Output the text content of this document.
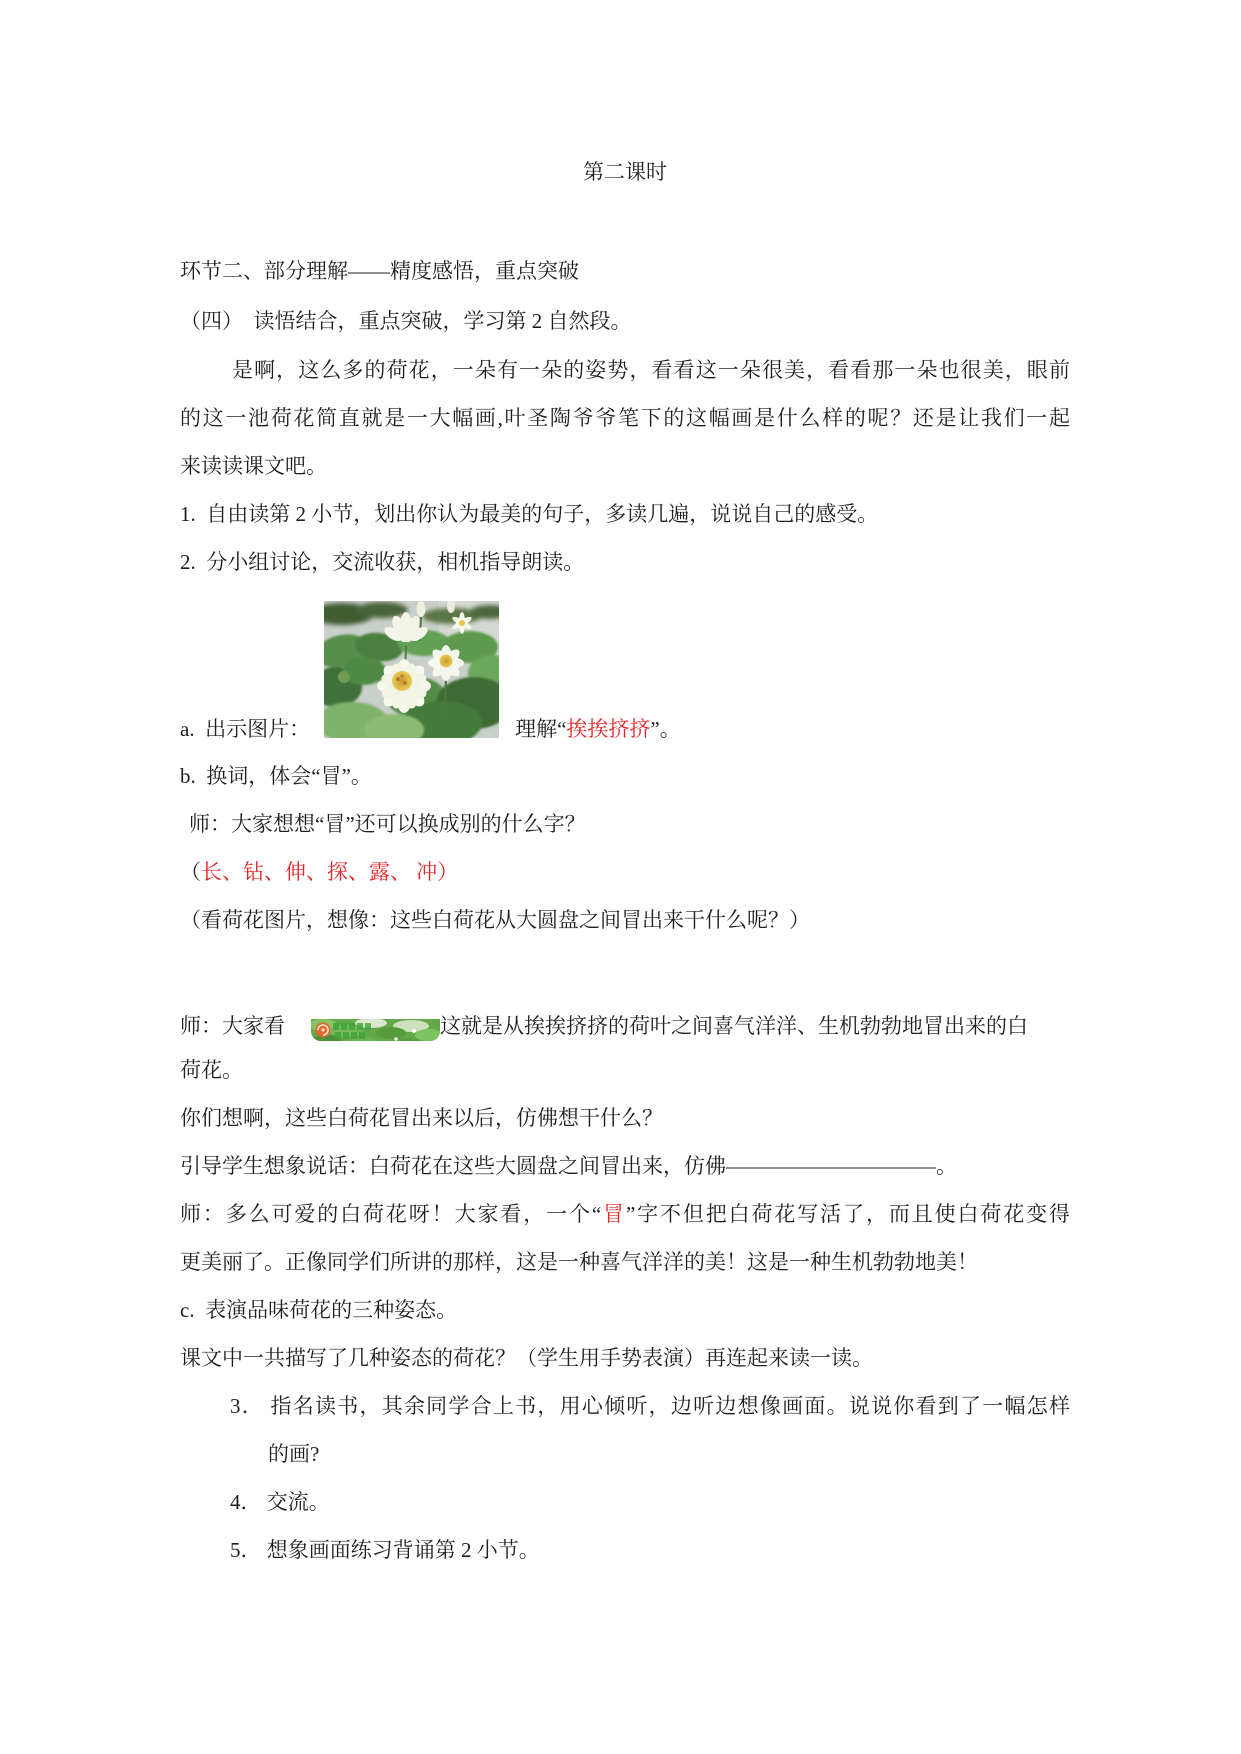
第二课时
环节二、部分理解——精度感悟，重点突破
（四）  读悟结合，重点突破，学习第 2 自然段。
是啊，这么多的荷花，一朵有一朵的姿势，看看这一朵很美，看看那一朵也很美，眼前
的这一池荷花简直就是一大幅画,叶圣陶爷爷笔下的这幅画是什么样的呢？还是让我们一起
来读读课文吧。
1.  自由读第 2 小节，划出你认为最美的句子，多读几遍，说说自己的感受。
2.  分小组讨论，交流收获，相机指导朗读。
a.  出示图片：	理解“ 挨挨挤挤 ”。
b.  换词，体会“冒”。
师：大家想想“冒”还可以换成别的什么字？
（长、钻、伸、探、露、 冲）
（看荷花图片，想像：这些白荷花从大圆盘之间冒出来干什么呢？）
师：大家看

	这就是从挨挨挤挤的荷叶之间喜气洋洋、生机勃勃地冒出来的白
荷花。
你们想啊，这些白荷花冒出来以后，仿佛想干什么？
引导学生想象说话：白荷花在这些大圆盘之间冒出来，仿佛——————————。
师：多么可爱的白荷花呀！大家看，一个“冒”字不但把白荷花写活了，而且使白荷花变得
更美丽了。正像同学们所讲的那样，这是一种喜气洋洋的美！这是一种生机勃勃地美！
c.  表演品味荷花的三种姿态。
课文中一共描写了几种姿态的荷花？（学生用手势表演）再连起来读一读。
3． 指名读书，其余同学合上书，用心倾听，边听边想像画面。说说你看到了一幅怎样
的画?
4． 交流。
5． 想象画面练习背诵第 2 小节。
